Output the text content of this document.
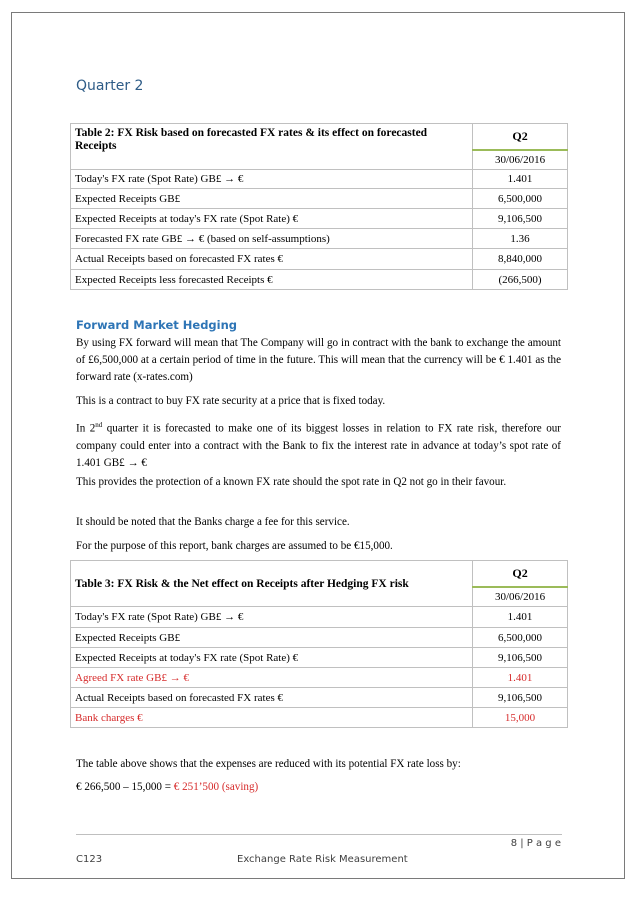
Quarter 2
Table 2: FX Risk based on forecasted FX rates & its effect on forecasted Receipts	Q2
	30/06/2016
Today's FX rate (Spot Rate) GB£ → €	1.401
Expected Receipts GB£	6,500,000
Expected Receipts at today's FX rate (Spot Rate) €	9,106,500
Forecasted FX rate GB£ → € (based on self-assumptions)	1.36
Actual Receipts based on forecasted FX rates €	8,840,000
Expected Receipts less forecasted Receipts €	(266,500)
Forward Market Hedging

By using FX forward will mean that The Company will go in contract with the bank to exchange the amount of £6,500,000 at a certain period of time in the future. This will mean that the currency will be € 1.401 as the forward rate (x-rates.com)

This is a contract to buy FX rate security at a price that is fixed today.

In 2nd quarter it is forecasted to make one of its biggest losses in relation to FX rate risk, therefore our company could enter into a contract with the Bank to fix the interest rate in advance at today’s spot rate of 1.401 GB£ → €

This provides the protection of a known FX rate should the spot rate in Q2 not go in their favour.

It should be noted that the Banks charge a fee for this service.

For the purpose of this report, bank charges are assumed to be €15,000.

Table 3: FX Risk & the Net effect on Receipts after Hedging FX risk	Q2
	30/06/2016
Today's FX rate (Spot Rate) GB£ → €	1.401
Expected Receipts GB£	6,500,000
Expected Receipts at today's FX rate (Spot Rate) €	9,106,500
Agreed FX rate GB£ → €	1.401
Actual Receipts based on forecasted FX rates €	9,106,500
Bank charges €	15,000

The table above shows that the expenses are reduced with its potential FX rate loss by:

€ 266,500 – 15,000 = € 251’500 (saving)

8 | P a g e
C123	Exchange Rate Risk Measurement
